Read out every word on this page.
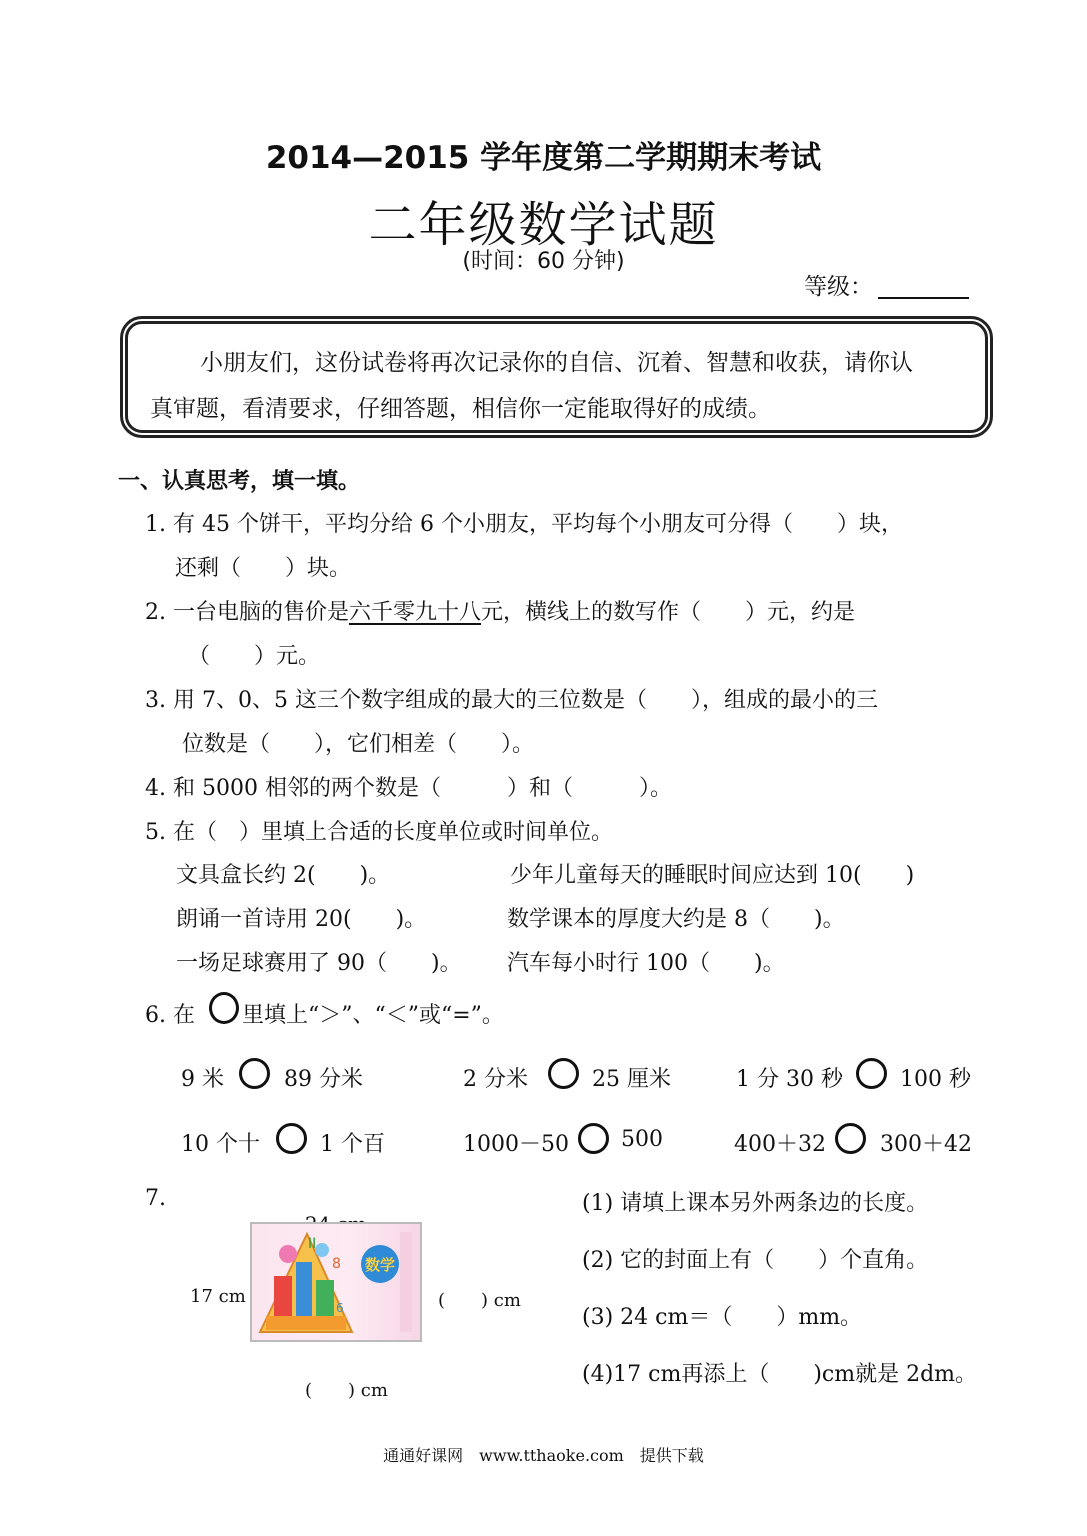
2014—2015 学年度第二学期期末考试
二年级数学试题
(时间：60 分钟)
等级：
小朋友们，这份试卷将再次记录你的自信、沉着、智慧和收获，请你认
真审题，看清要求，仔细答题，相信你一定能取得好的成绩。
一、认真思考，填一填。
1. 有 45 个饼干，平均分给 6 个小朋友，平均每个小朋友可分得（　　）块，
还剩（　　）块。
2. 一台电脑的售价是六千零九十八元，横线上的数写作（　　）元，约是
（　　）元。
3. 用 7、0、5 这三个数字组成的最大的三位数是（　　），组成的最小的三
位数是（　　），它们相差（　　）。
4. 和 5000 相邻的两个数是（　　　）和（　　　）。
5. 在（　）里填上合适的长度单位或时间单位。
文具盒长约 2(　　)。	少年儿童每天的睡眠时间应达到 10(　　)
朗诵一首诗用 20(　　)。	数学课本的厚度大约是 8（　　)。
一场足球赛用了 90（　　)。 汽车每小时行 100（　　)。
6. 在 里填上“＞”、“＜”或“=”。
9 米	89 分米	2 分米	25 厘米	1 分 30 秒	100 秒
10 个十	1 个百	1000－50 500	400＋32 300＋42
7.
17 cm	(　　) cm
(　　) cm
II
8
6
数学
(1) 请填上课本另外两条边的长度。
(2) 它的封面上有（　　）个直角。
(3) 24 cm＝（　　）mm。
(4)17 cm再添上（　　)cm就是 2dm。
通通好课网　www.tthaoke.com　提供下载
